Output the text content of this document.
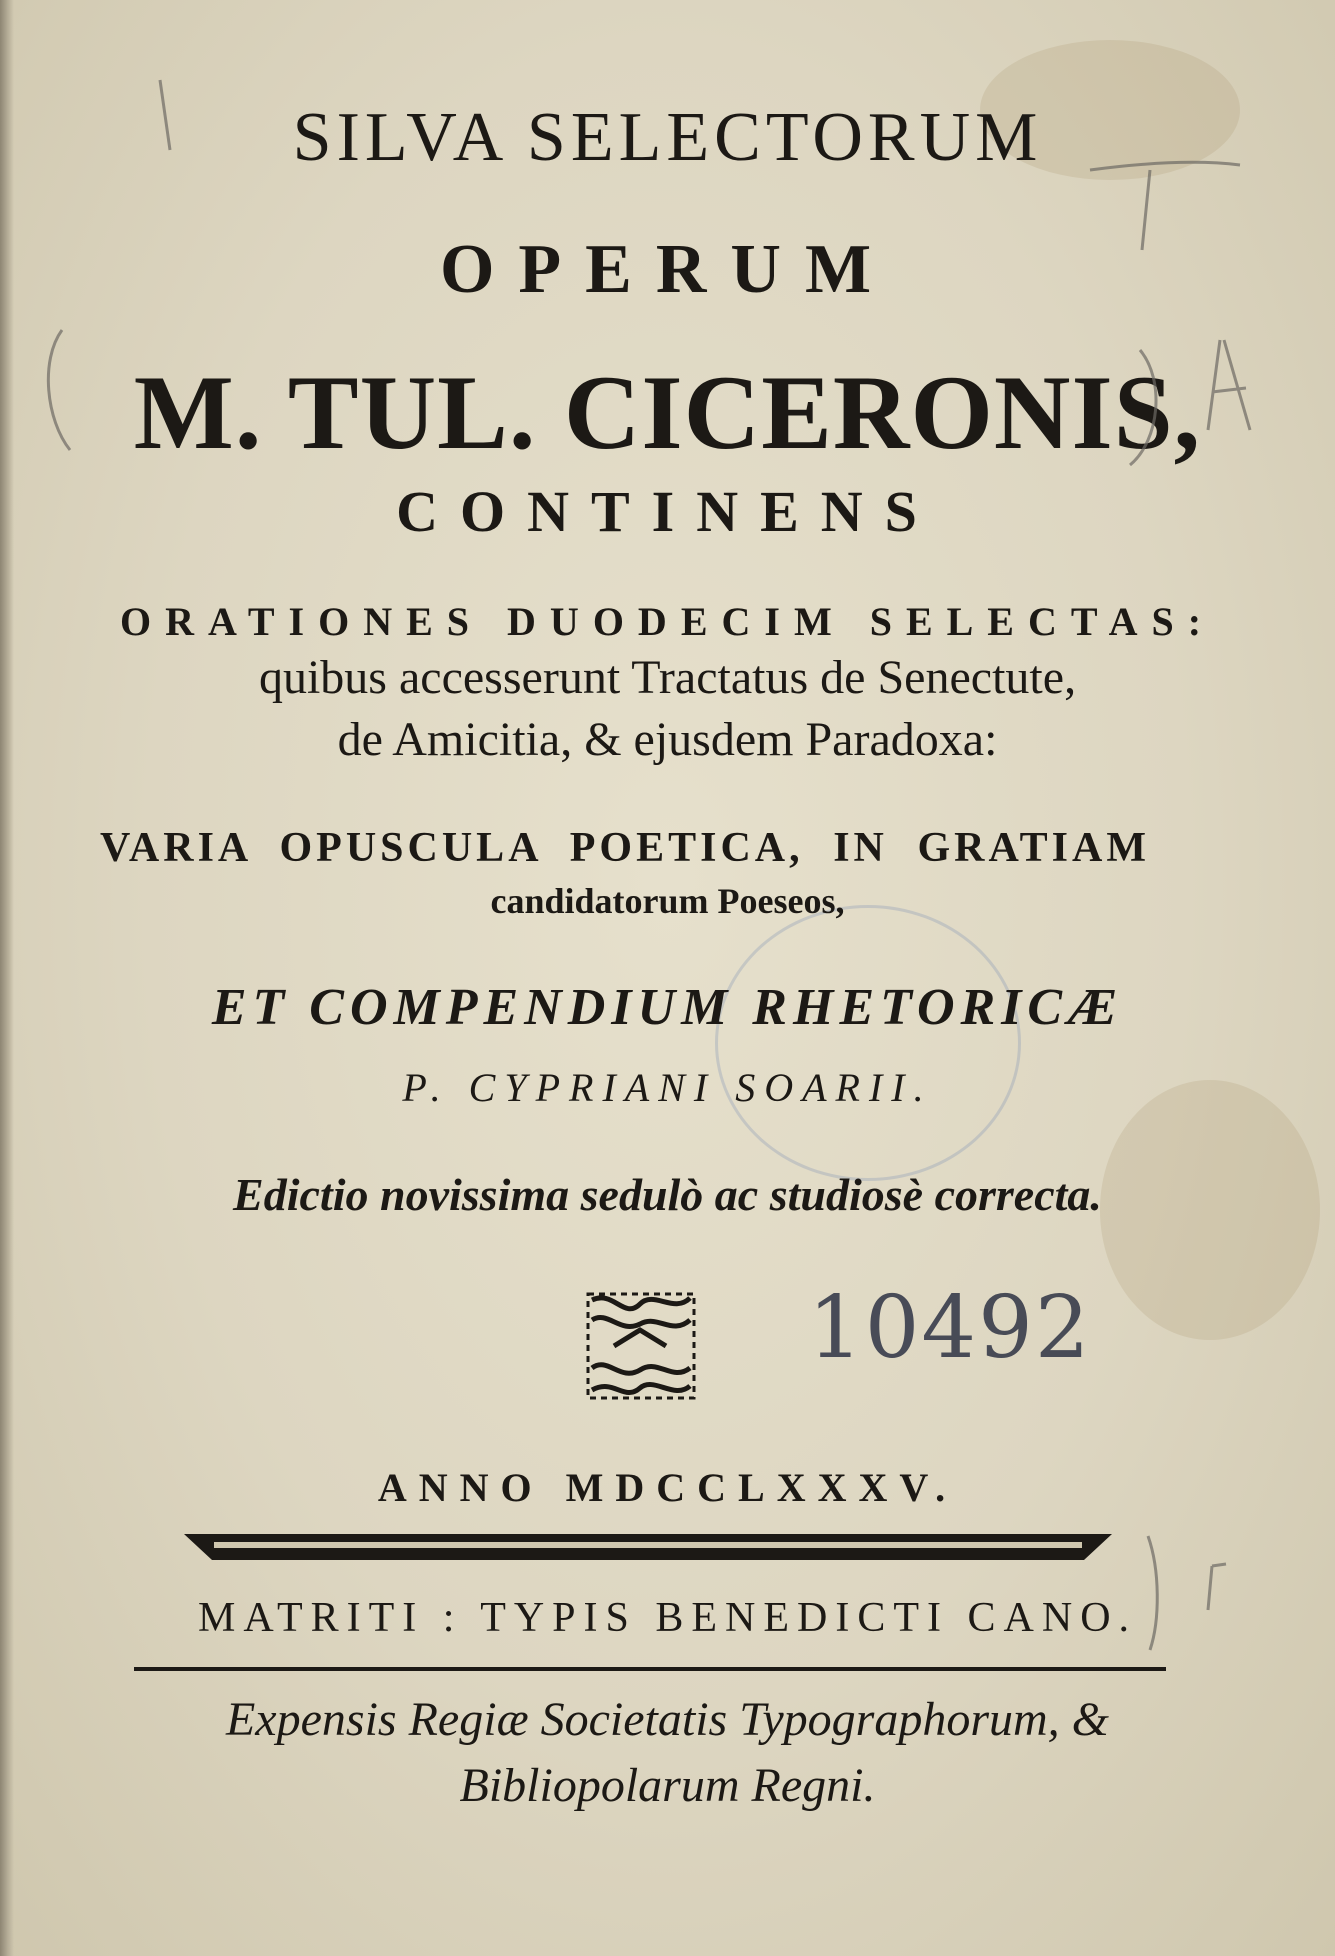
SILVA SELECTORUM
OPERUM
M. TUL. CICERONIS,
CONTINENS
ORATIONES DUODECIM SELECTAS:
quibus accesserunt Tractatus de Senectute,
de Amicitia, & ejusdem Paradoxa:
VARIA OPUSCULA POETICA, IN GRATIAM
candidatorum Poeseos,
ET COMPENDIUM RHETORICÆ
P. CYPRIANI SOARII.
Edictio novissima sedulò ac studiosè correcta.
10492
ANNO MDCCLXXXV.
MATRITI : TYPIS BENEDICTI CANO.
Expensis Regiæ Societatis Typographorum, &
Bibliopolarum Regni.
